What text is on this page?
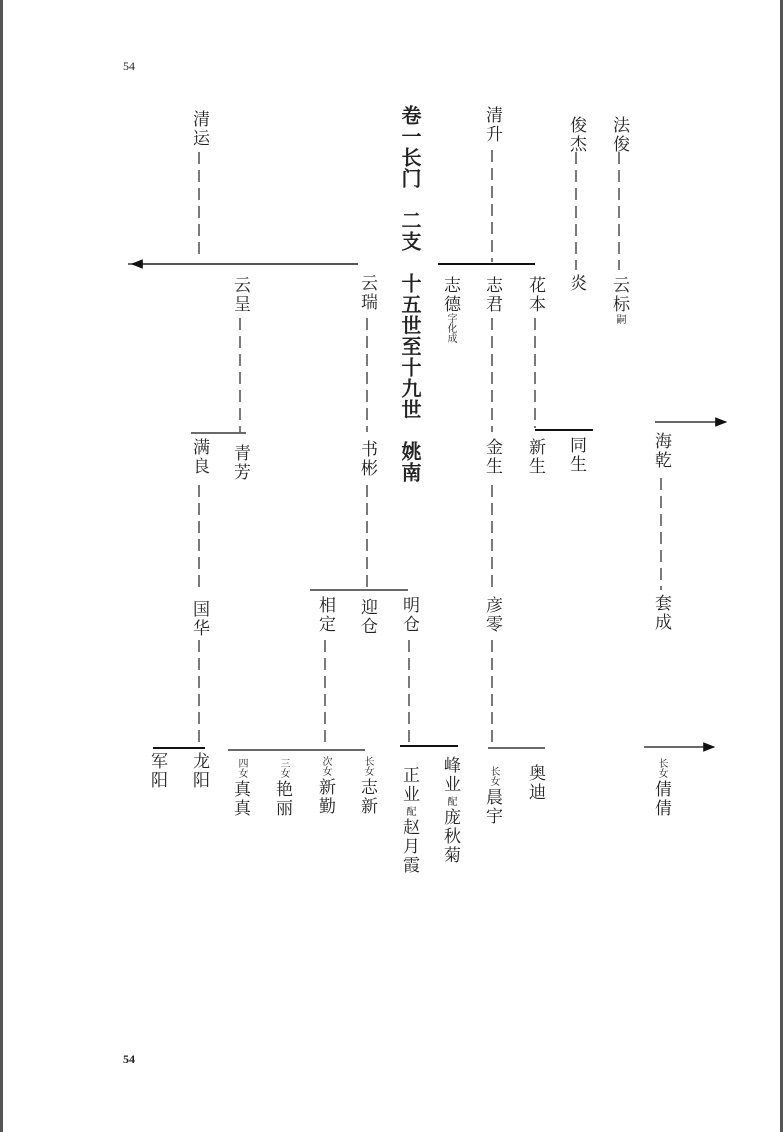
54
54
卷一长门　二支　十五世至十九世　姚南
清运	清升	俊杰 法俊
云呈	云瑞	志德
字化成
志君 花本 炎 云标
嗣
满良 青芳	书彬	金生 新生 同生	海乾
国华	相定 迎仓 明仓	彦零	套成
军阳 龙阳	四女
真真
三女
艳丽
次女
新勤
长女
志新 正业
配
赵月霞
峰业
配
庞秋菊
长女
晨宇
奥迪	长女
倩倩
